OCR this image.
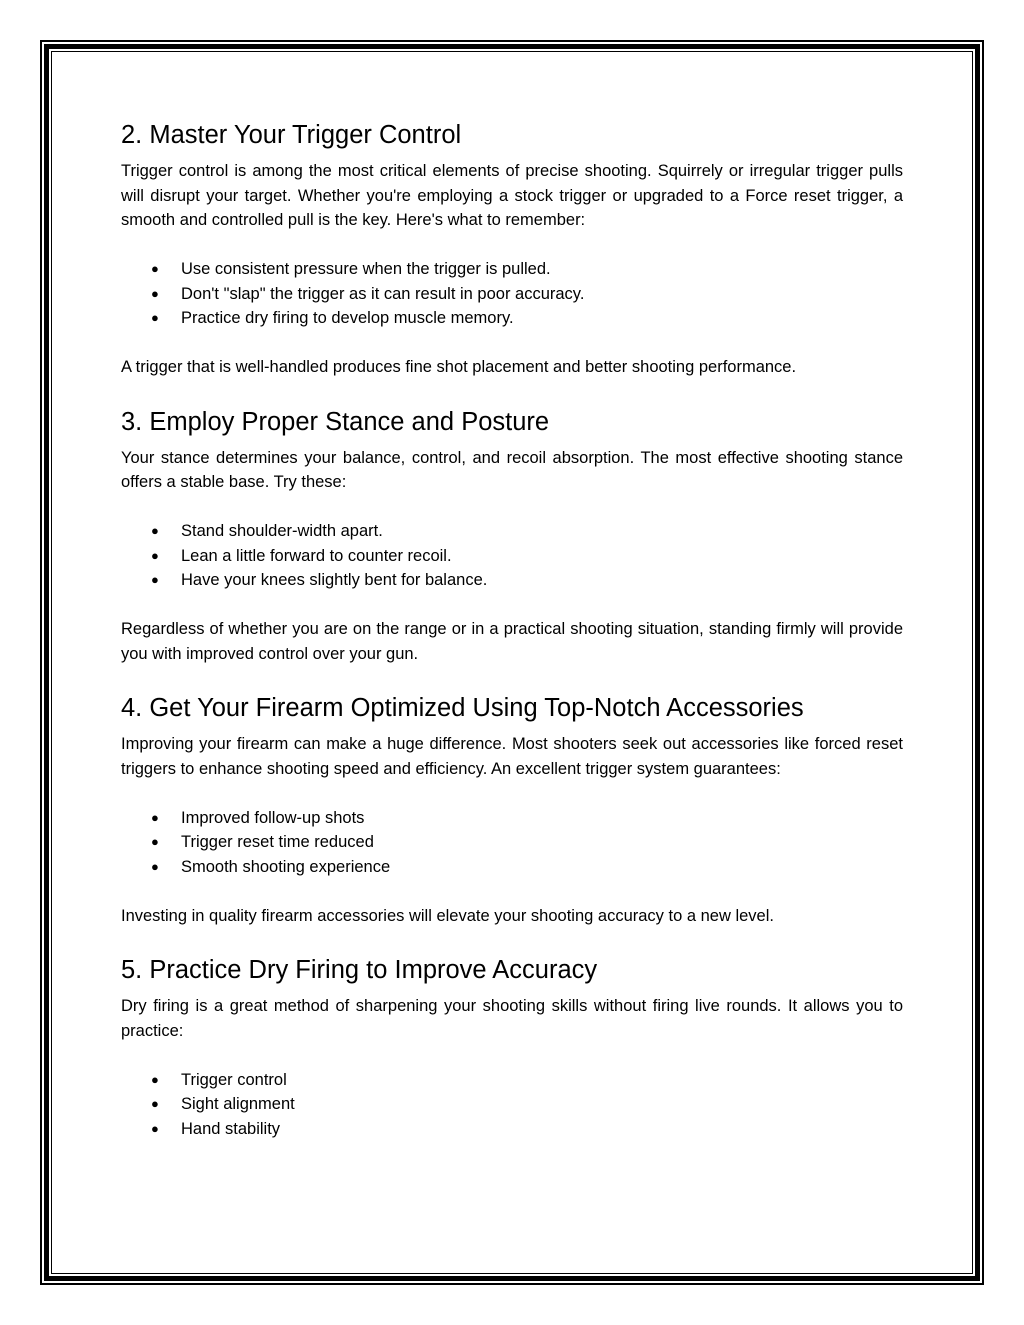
2. Master Your Trigger Control

Trigger control is among the most critical elements of precise shooting. Squirrely or irregular trigger pulls will disrupt your target. Whether you're employing a stock trigger or upgraded to a Force reset trigger, a smooth and controlled pull is the key. Here's what to remember:

● Use consistent pressure when the trigger is pulled.
● Don't "slap" the trigger as it can result in poor accuracy.
● Practice dry firing to develop muscle memory.

A trigger that is well-handled produces fine shot placement and better shooting performance.

3. Employ Proper Stance and Posture

Your stance determines your balance, control, and recoil absorption. The most effective shooting stance offers a stable base. Try these:

● Stand shoulder-width apart.
● Lean a little forward to counter recoil.
● Have your knees slightly bent for balance.

Regardless of whether you are on the range or in a practical shooting situation, standing firmly will provide you with improved control over your gun.

4. Get Your Firearm Optimized Using Top-Notch Accessories

Improving your firearm can make a huge difference. Most shooters seek out accessories like forced reset triggers to enhance shooting speed and efficiency. An excellent trigger system guarantees:

● Improved follow-up shots
● Trigger reset time reduced
● Smooth shooting experience

Investing in quality firearm accessories will elevate your shooting accuracy to a new level.

5. Practice Dry Firing to Improve Accuracy

Dry firing is a great method of sharpening your shooting skills without firing live rounds. It allows you to practice:

● Trigger control
● Sight alignment
● Hand stability
